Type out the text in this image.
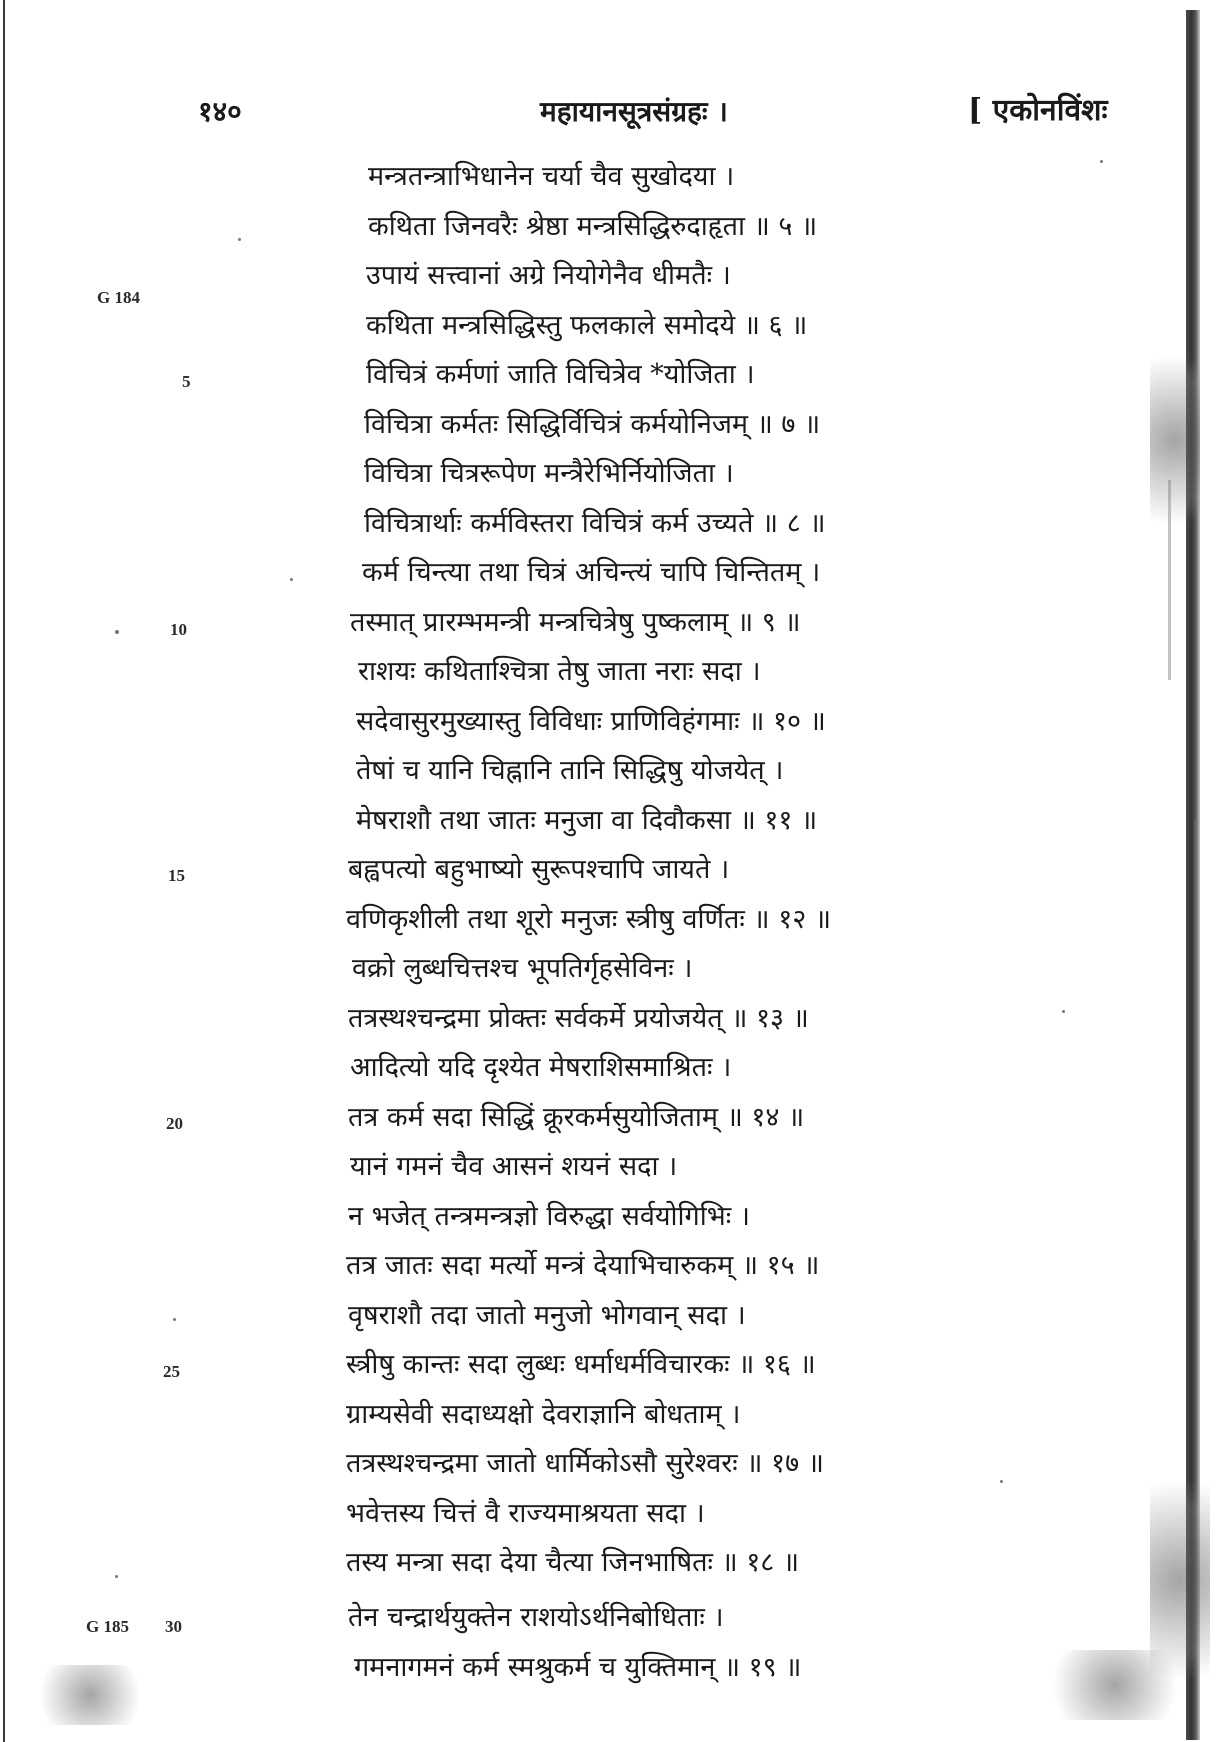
१४०	महायानसूत्रसंग्रहः ।	[ एकोनविंशः
G 184
5
10
15
20
25
G 185 30
मन्त्रतन्त्राभिधानेन चर्या चैव सुखोदया ।
कथिता जिनवरैः श्रेष्ठा मन्त्रसिद्धिरुदाहृता ॥ ५ ॥
उपायं सत्त्वानां अग्रे नियोगेनैव धीमतैः ।
कथिता मन्त्रसिद्धिस्तु फलकाले समोदये ॥ ६ ॥
विचित्रं कर्मणां जाति विचित्रेव *योजिता ।
विचित्रा कर्मतः सिद्धिर्विचित्रं कर्मयोनिजम् ॥ ७ ॥
विचित्रा चित्ररूपेण मन्त्रैरेभिर्नियोजिता ।
विचित्रार्थाः कर्मविस्तरा विचित्रं कर्म उच्यते ॥ ८ ॥
कर्म चिन्त्या तथा चित्रं अचिन्त्यं चापि चिन्तितम् ।
तस्मात् प्रारम्भमन्त्री मन्त्रचित्रेषु पुष्कलाम् ॥ ९ ॥
राशयः कथिताश्चित्रा तेषु जाता नराः सदा ।
सदेवासुरमुख्यास्तु विविधाः प्राणिविहंगमाः ॥ १० ॥
तेषां च यानि चिह्नानि तानि सिद्धिषु योजयेत् ।
मेषराशौ तथा जातः मनुजा वा दिवौकसा ॥ ११ ॥
बह्वपत्यो बहुभाष्यो सुरूपश्चापि जायते ।
वणिकृशीली तथा शूरो मनुजः स्त्रीषु वर्णितः ॥ १२ ॥
वक्रो लुब्धचित्तश्च भूपतिर्गृहसेविनः ।
तत्रस्थश्चन्द्रमा प्रोक्तः सर्वकर्मे प्रयोजयेत् ॥ १३ ॥
आदित्यो यदि दृश्येत मेषराशिसमाश्रितः ।
तत्र कर्म सदा सिद्धिं क्रूरकर्मसुयोजिताम् ॥ १४ ॥
यानं गमनं चैव आसनं शयनं सदा ।
न भजेत् तन्त्रमन्त्रज्ञो विरुद्धा सर्वयोगिभिः ।
तत्र जातः सदा मर्त्यो मन्त्रं देयाभिचारुकम् ॥ १५ ॥
वृषराशौ तदा जातो मनुजो भोगवान् सदा ।
स्त्रीषु कान्तः सदा लुब्धः धर्माधर्मविचारकः ॥ १६ ॥
ग्राम्यसेवी सदाध्यक्षो देवराज्ञानि बोधताम् ।
तत्रस्थश्चन्द्रमा जातो धार्मिकोऽसौ सुरेश्वरः ॥ १७ ॥
भवेत्तस्य चित्तं वै राज्यमाश्रयता सदा ।
तस्य मन्त्रा सदा देया चैत्या जिनभाषितः ॥ १८ ॥
तेन चन्द्रार्थयुक्तेन राशयोऽर्थनिबोधिताः ।
गमनागमनं कर्म स्मश्रुकर्म च युक्तिमान् ॥ १९ ॥
